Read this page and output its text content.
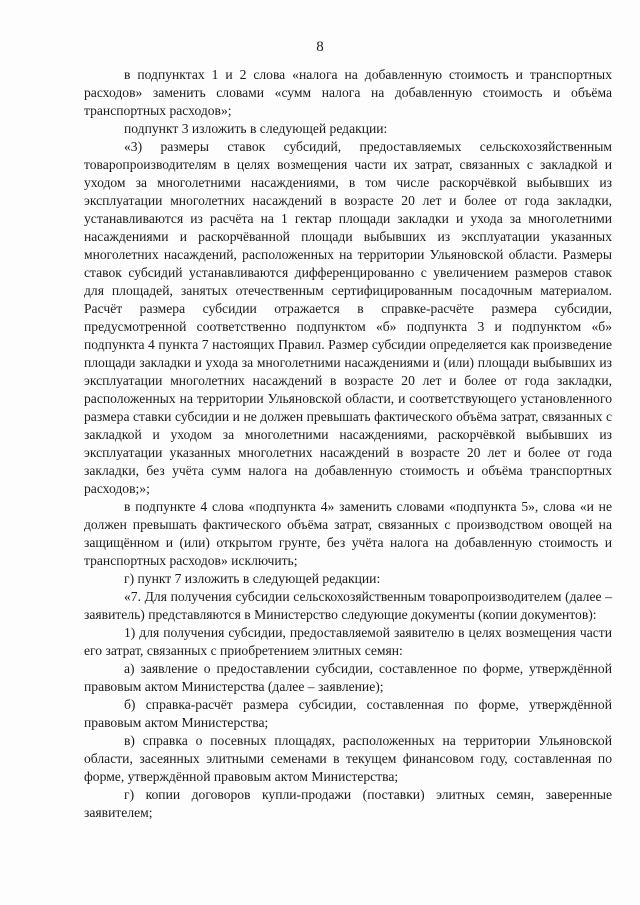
8

в подпунктах 1 и 2 слова «налога на добавленную стоимость и транспортных расходов» заменить словами «сумм налога на добавленную стоимость и объёма транспортных расходов»;

подпункт 3 изложить в следующей редакции:

«3) размеры ставок субсидий, предоставляемых сельскохозяйственным товаропроизводителям в целях возмещения части их затрат, связанных с закладкой и уходом за многолетними насаждениями, в том числе раскорчёвкой выбывших из эксплуатации многолетних насаждений в возрасте 20 лет и более от года закладки, устанавливаются из расчёта на 1 гектар площади закладки и ухода за многолетними насаждениями и раскорчёванной площади выбывших из эксплуатации указанных многолетних насаждений, расположенных на территории Ульяновской области. Размеры ставок субсидий устанавливаются дифференцированно с увеличением размеров ставок для площадей, занятых отечественным сертифицированным посадочным материалом. Расчёт размера субсидии отражается в справке-расчёте размера субсидии, предусмотренной соответственно подпунктом «б» подпункта 3 и подпунктом «б» подпункта 4 пункта 7 настоящих Правил. Размер субсидии определяется как произведение площади закладки и ухода за многолетними насаждениями и (или) площади выбывших из эксплуатации многолетних насаждений в возрасте 20 лет и более от года закладки, расположенных на территории Ульяновской области, и соответствующего установленного размера ставки субсидии и не должен превышать фактического объёма затрат, связанных с закладкой и уходом за многолетними насаждениями, раскорчёвкой выбывших из эксплуатации указанных многолетних насаждений в возрасте 20 лет и более от года закладки, без учёта сумм налога на добавленную стоимость и объёма транспортных расходов;»;

в подпункте 4 слова «подпункта 4» заменить словами «подпункта 5», слова «и не должен превышать фактического объёма затрат, связанных с производством овощей на защищённом и (или) открытом грунте, без учёта налога на добавленную стоимость и транспортных расходов» исключить;

г) пункт 7 изложить в следующей редакции:

«7. Для получения субсидии сельскохозяйственным товаропроизводителем (далее – заявитель) представляются в Министерство следующие документы (копии документов):

1) для получения субсидии, предоставляемой заявителю в целях возмещения части его затрат, связанных с приобретением элитных семян:

а) заявление о предоставлении субсидии, составленное по форме, утверждённой правовым актом Министерства (далее – заявление);

б) справка-расчёт размера субсидии, составленная по форме, утверждённой правовым актом Министерства;

в) справка о посевных площадях, расположенных на территории Ульяновской области, засеянных элитными семенами в текущем финансовом году, составленная по форме, утверждённой правовым актом Министерства;

г) копии договоров купли-продажи (поставки) элитных семян, заверенные заявителем;
